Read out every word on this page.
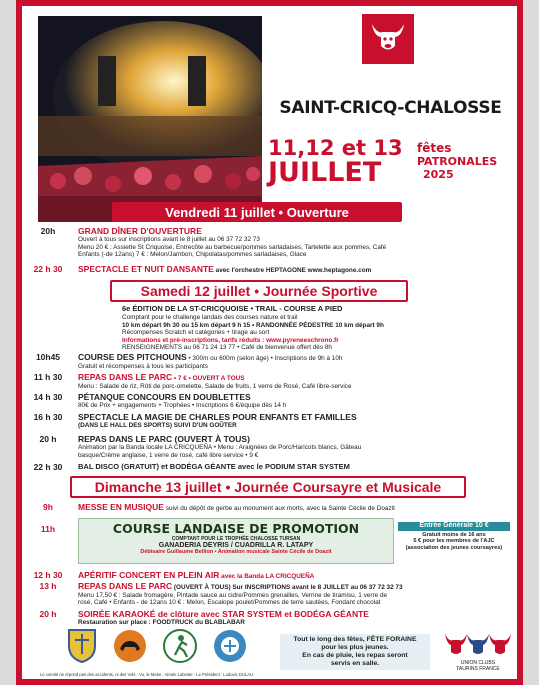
SAINT-CRICQ-CHALOSSE
11,12 et 13
JUILLET
fêtes
PATRONALES
2025
Vendredi 11 juillet • Ouverture
20h	GRAND DÎNER D'OUVERTURE
Ouvert à tous sur inscriptions avant le 8 juillet au 06 37 72 32 73
Menu 20 € : Assiette St Criquoise, Entrecôte au barbecue/pommes sarladaises, Tartelette aux pommes, Café
Enfants (-de 12ans) 7 € : Melon/Jambon, Chipolatas/pommes sarladaises, Glace
22 h 30	SPECTACLE ET NUIT DANSANTE avec l'orchestre HEPTAGONE www.heptagone.com
Samedi 12 juillet • Journée Sportive
6e ÉDITION DE LA ST-CRICQUOISE • TRAIL - COURSE A PIED
Comptant pour le challenge landais des courses nature et trail
10 km départ 9h 30 ou 15 km départ 9 h 15 • RANDONNÉE PÉDESTRE 10 km départ 9h
Récompenses Scratch et catégories + tirage au sort
Informations et pré-inscriptions, tarifs réduits : www.pyreneeschrono.fr
RENSEIGNEMENTS au 06 71 24 13 77 • Café de bienvenue offert dès 8h
10h45	COURSE DES PITCHOUNS • 300m ou 600m (selon âge) • Inscriptions de 9h à 10h
Gratuit et récompenses à tous les participants
11 h 30	REPAS DANS LE PARC • 7 € • OUVERT A TOUS
Menu : Salade de riz, Rôti de porc-omelette, Salade de fruits, 1 verre de Rosé, Café libre-service
14 h 30	PÉTANQUE CONCOURS EN DOUBLETTES
80€ de Prix + engagements + Trophées • Inscriptions 6 €/équipe dès 14 h
16 h 30	SPECTACLE LA MAGIE DE CHARLES POUR ENFANTS ET FAMILLES
(DANS LE HALL DES SPORTS) SUIVI D'UN GOÛTER
20 h	REPAS DANS LE PARC (OUVERT À TOUS)
Animation par la Banda locale LA CRICQUEÑA • Menu : Araignées de Porc/Haricots blancs, Gâteau
basque/Crème anglaise, 1 verre de rosé, café libre service • 9 €
22 h 30	BAL DISCO (GRATUIT) et BODÉGA GÉANTE avec le PODIUM STAR SYSTEM
Dimanche 13 juillet • Journée Coursayre et Musicale
9h	MESSE EN MUSIQUE suivi du dépôt de gerbe au monument aux morts, avec la Sainte Cécile de Doazit
11h	COURSE LANDAISE DE PROMOTION
COMPTANT POUR LE TROPHÉE CHALOSSE TURSAN
GANADERIA DEYRIS / CUADRILLA R. LATAPY
Débisaire Guillaume Bellion • Animation musicale Sainte Cécile de Doazit
Entrée Générale 10 €
Gratuit moins de 16 ans
5 € pour les membres de l'AJC
(association des jeunes coursayres)
12 h 30	APÉRITIF CONCERT EN PLEIN AIR avec la Banda LA CRICQUEÑA
13 h	REPAS DANS LE PARC (OUVERT À TOUS) Sur INSCRIPTIONS avant le 8 JUILLET au 06 37 72 32 73
Menu 17,50 € : Salade fromagère, Pintade sauce au cidre/Pommes grenailles, Verrine de tiramisu, 1 verre de
rosé, Café • Enfants - de 12ans 10 € : Melon, Escalope poulet/Pommes de terre sautées, Fondant chocolat
20 h	SOIRÉE KARAOKÉ de clôture avec STAR SYSTEM et BODÉGA GÉANTE
Restauration sur place : FOODTRUCK du BLABLABAR
Tout le long des fêtes, FÊTE FORAINE
pour les plus jeunes.
En cas de pluie, les repas seront
servis en salle.	UNION CLUBS
TAURINS FRANCE
Le comité ne répond pas des accidents, ni des Vols - Vu, le Maire : Aimée Labeste - Le Président : Ludovic DULAU
